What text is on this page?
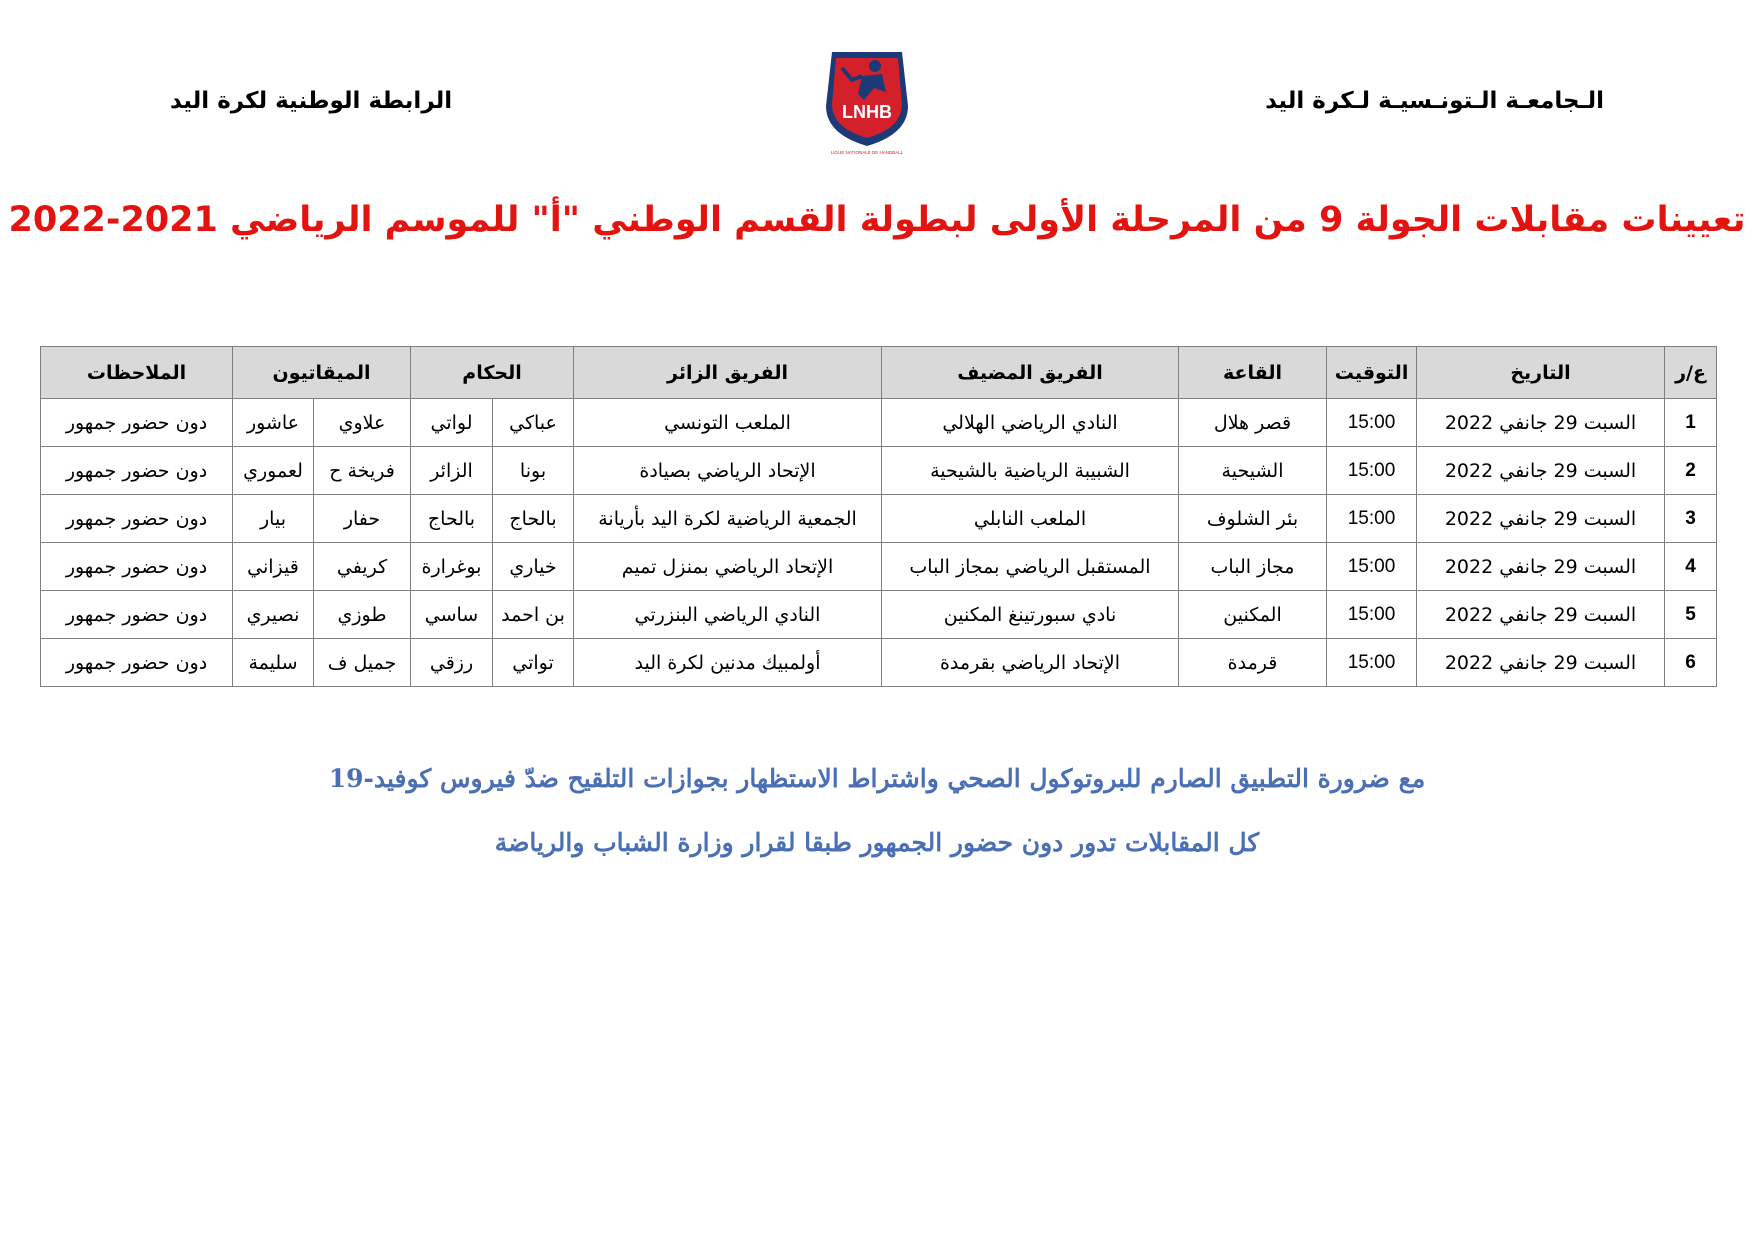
الـجامعـة الـتونـسيـة لـكرة اليد
الرابطة الوطنية لكرة اليد	LNHB
LIGUE NATIONALE DE HANDBALL
تعيينات مقابلات الجولة 9 من المرحلة الأولى لبطولة القسم الوطني "أ" للموسم الرياضي 2021-2022
ع/ر	التاريخ	التوقيت	القاعة	الفريق المضيف	الفريق الزائر	الحكام		الميقاتيون		الملاحظات
1	السبت 29 جانفي 2022	15:00	قصر هلال	النادي الرياضي الهلالي	الملعب التونسي	عباكي	لواتي	علاوي	عاشور	دون حضور جمهور
2	السبت 29 جانفي 2022	15:00	الشيحية	الشبيبة الرياضية بالشيحية	الإتحاد الرياضي بصيادة	بونا	الزائر	فريخة ح	لعموري	دون حضور جمهور
3	السبت 29 جانفي 2022	15:00	بئر الشلوف	الملعب النابلي	الجمعية الرياضية لكرة اليد بأريانة	بالحاج	بالحاج	حفار	بيار	دون حضور جمهور
4	السبت 29 جانفي 2022	15:00	مجاز الباب	المستقبل الرياضي بمجاز الباب	الإتحاد الرياضي بمنزل تميم	خياري	بوغرارة	كريفي	قيزاني	دون حضور جمهور
5	السبت 29 جانفي 2022	15:00	المكنين	نادي سبورتينغ المكنين	النادي الرياضي البنزرتي	بن احمد	ساسي	طوزي	نصيري	دون حضور جمهور
6	السبت 29 جانفي 2022	15:00	قرمدة	الإتحاد الرياضي بقرمدة	أولمبيك مدنين لكرة اليد	تواتي	رزقي	جميل ف	سليمة	دون حضور جمهور
مع ضرورة التطبيق الصارم للبروتوكول الصحي واشتراط الاستظهار بجوازات التلقيح ضدّ فيروس كوفيد-19
كل المقابلات تدور دون حضور الجمهور طبقا لقرار وزارة الشباب والرياضة
